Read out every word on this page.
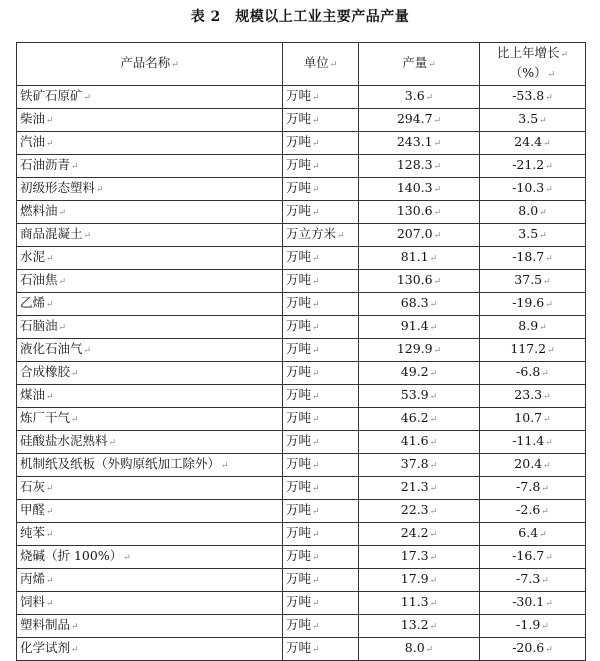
表 2　规模以上工业主要产品产量
产品名称↵	单位↵	产量↵	比上年增长↵
（%）↵
铁矿石原矿↵	万吨↵	3.6↵	-53.8↵
柴油↵	万吨↵	294.7↵	3.5↵
汽油↵	万吨↵	243.1↵	24.4↵
石油沥青↵	万吨↵	128.3↵	-21.2↵
初级形态塑料↵	万吨↵	140.3↵	-10.3↵
燃料油↵	万吨↵	130.6↵	8.0↵
商品混凝土↵	万立方米↵	207.0↵	3.5↵
水泥↵	万吨↵	81.1↵	-18.7↵
石油焦↵	万吨↵	130.6↵	37.5↵
乙烯↵	万吨↵	68.3↵	-19.6↵
石脑油↵	万吨↵	91.4↵	8.9↵
液化石油气↵	万吨↵	129.9↵	117.2↵
合成橡胶↵	万吨↵	49.2↵	-6.8↵
煤油↵	万吨↵	53.9↵	23.3↵
炼厂干气↵	万吨↵	46.2↵	10.7↵
硅酸盐水泥熟料↵	万吨↵	41.6↵	-11.4↵
机制纸及纸板（外购原纸加工除外）↵	万吨↵	37.8↵	20.4↵
石灰↵	万吨↵	21.3↵	-7.8↵
甲醛↵	万吨↵	22.3↵	-2.6↵
纯苯↵	万吨↵	24.2↵	6.4↵
烧碱（折 100%）↵	万吨↵	17.3↵	-16.7↵
丙烯↵	万吨↵	17.9↵	-7.3↵
饲料↵	万吨↵	11.3↵	-30.1↵
塑料制品↵	万吨↵	13.2↵	-1.9↵
化学试剂↵	万吨↵	8.0↵	-20.6↵
